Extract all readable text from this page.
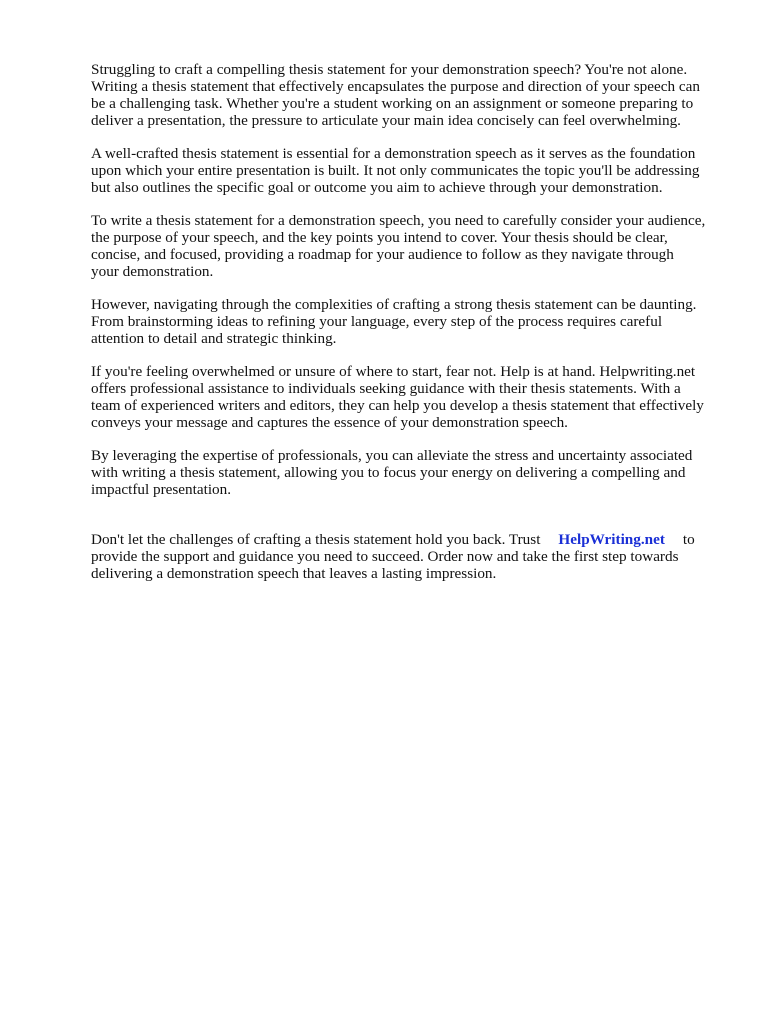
Struggling to craft a compelling thesis statement for your demonstration speech? You're not alone.
Writing a thesis statement that effectively encapsulates the purpose and direction of your speech can
be a challenging task. Whether you're a student working on an assignment or someone preparing to
deliver a presentation, the pressure to articulate your main idea concisely can feel overwhelming.

A well-crafted thesis statement is essential for a demonstration speech as it serves as the foundation
upon which your entire presentation is built. It not only communicates the topic you'll be addressing
but also outlines the specific goal or outcome you aim to achieve through your demonstration.

To write a thesis statement for a demonstration speech, you need to carefully consider your audience,
the purpose of your speech, and the key points you intend to cover. Your thesis should be clear,
concise, and focused, providing a roadmap for your audience to follow as they navigate through
your demonstration.

However, navigating through the complexities of crafting a strong thesis statement can be daunting.
From brainstorming ideas to refining your language, every step of the process requires careful
attention to detail and strategic thinking.

If you're feeling overwhelmed or unsure of where to start, fear not. Help is at hand. Helpwriting.net
offers professional assistance to individuals seeking guidance with their thesis statements. With a
team of experienced writers and editors, they can help you develop a thesis statement that effectively
conveys your message and captures the essence of your demonstration speech.

By leveraging the expertise of professionals, you can alleviate the stress and uncertainty associated
with writing a thesis statement, allowing you to focus your energy on delivering a compelling and
impactful presentation.

Don't let the challenges of crafting a thesis statement hold you back. Trust HelpWriting.net to

provide the support and guidance you need to succeed. Order now and take the first step towards
delivering a demonstration speech that leaves a lasting impression.
